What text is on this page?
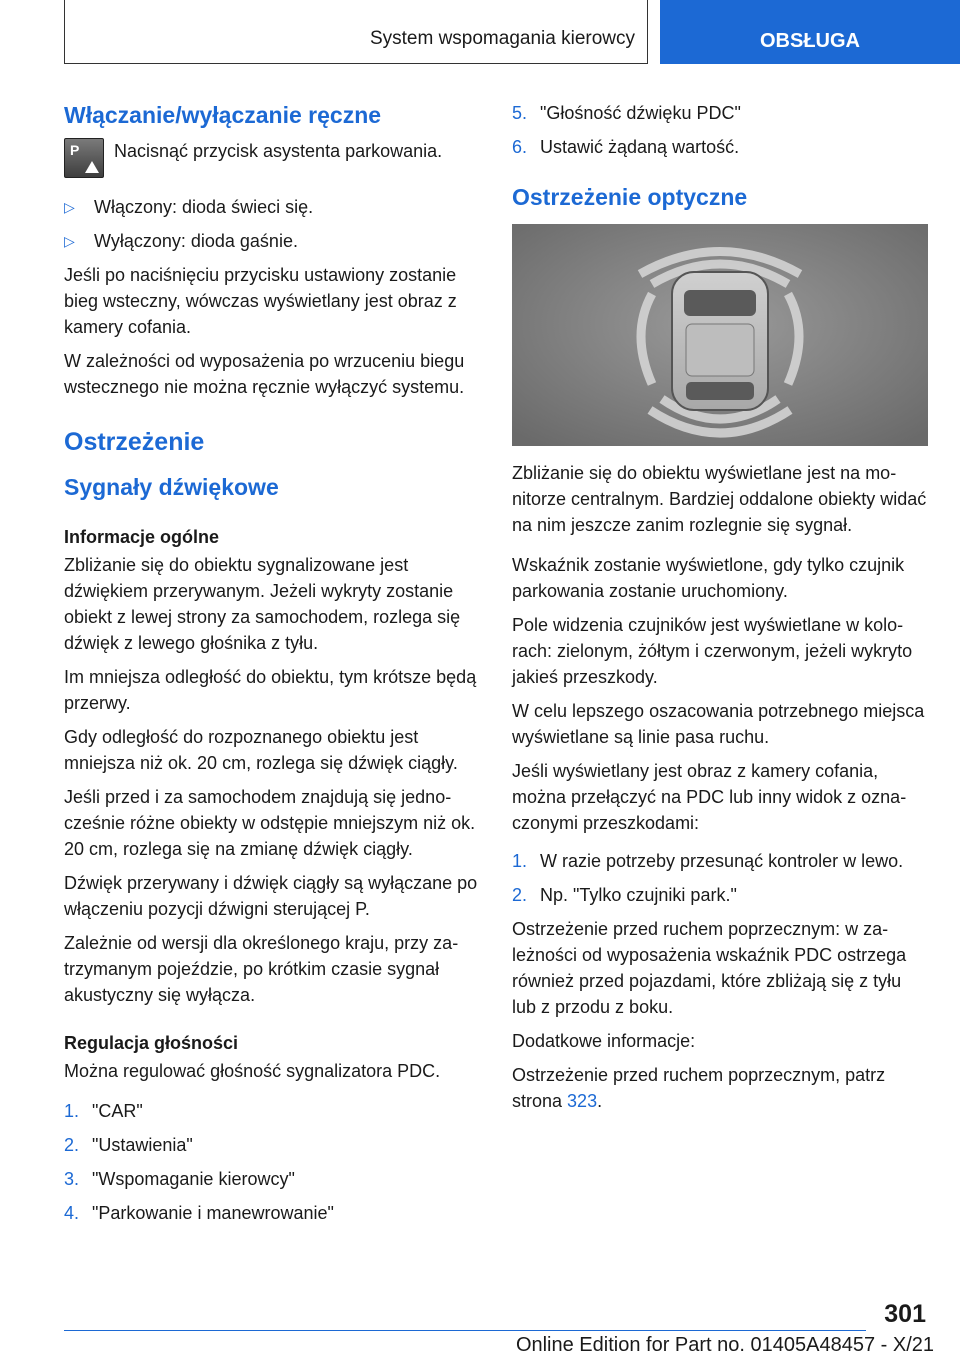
System wspomagania kierowcy	OBSŁUGA
Włączanie/wyłączanie ręczne
P Nacisnąć przycisk asystenta parkowania.

▷	Włączony: dioda świeci się.
▷	Wyłączony: dioda gaśnie.

Jeśli po naciśnięciu przycisku ustawiony zostanie bieg wsteczny, wówczas wyświetlany jest obraz z kamery cofania.

W zależności od wyposażenia po wrzuceniu biegu wstecznego nie można ręcznie wyłączyć systemu.

Ostrzeżenie
Sygnały dźwiękowe
Informacje ogólne

Zbliżanie się do obiektu sygnalizowane jest dźwiękiem przerywanym. Jeżeli wykryty zostanie obiekt z lewej strony za samochodem, rozlega się dźwięk z lewego głośnika z tyłu.

Im mniejsza odległość do obiektu, tym krótsze będą przerwy.

Gdy odległość do rozpoznanego obiektu jest mniejsza niż ok. 20 cm, rozlega się dźwięk ciągły.

Jeśli przed i za samochodem znajdują się jednocześnie różne obiekty w odstępie mniejszym niż ok. 20 cm, rozlega się na zmianę dźwięk ciągły.

Dźwięk przerywany i dźwięk ciągły są wyłączane po włączeniu pozycji dźwigni sterującej P.

Zależnie od wersji dla określonego kraju, przy zatrzymanym pojeździe, po krótkim czasie sygnał akustyczny się wyłącza.

Regulacja głośności

Można regulować głośność sygnalizatora PDC.

1. "CAR"
2. "Ustawienia"
3. "Wspomaganie kierowcy"
4. "Parkowanie i manewrowanie"
5. "Głośność dźwięku PDC"
6. Ustawić żądaną wartość.
Ostrzeżenie optyczne

Zbliżanie się do obiektu wyświetlane jest na monitorze centralnym. Bardziej oddalone obiekty widać na nim jeszcze zanim rozlegnie się sygnał.

Wskaźnik zostanie wyświetlone, gdy tylko czujnik parkowania zostanie uruchomiony.

Pole widzenia czujników jest wyświetlane w kolorach: zielonym, żółtym i czerwonym, jeżeli wykryto jakieś przeszkody.

W celu lepszego oszacowania potrzebnego miejsca wyświetlane są linie pasa ruchu.

Jeśli wyświetlany jest obraz z kamery cofania, można przełączyć na PDC lub inny widok z oznaczonymi przeszkodami:

1. W razie potrzeby przesunąć kontroler w lewo.
2. Np. "Tylko czujniki park."

Ostrzeżenie przed ruchem poprzecznym: w zależności od wyposażenia wskaźnik PDC ostrzega również przed pojazdami, które zbliżają się z tyłu lub z przodu z boku.

Dodatkowe informacje:

Ostrzeżenie przed ruchem poprzecznym, patrz strona 323.

301
Online Edition for Part no. 01405A48457 - X/21
